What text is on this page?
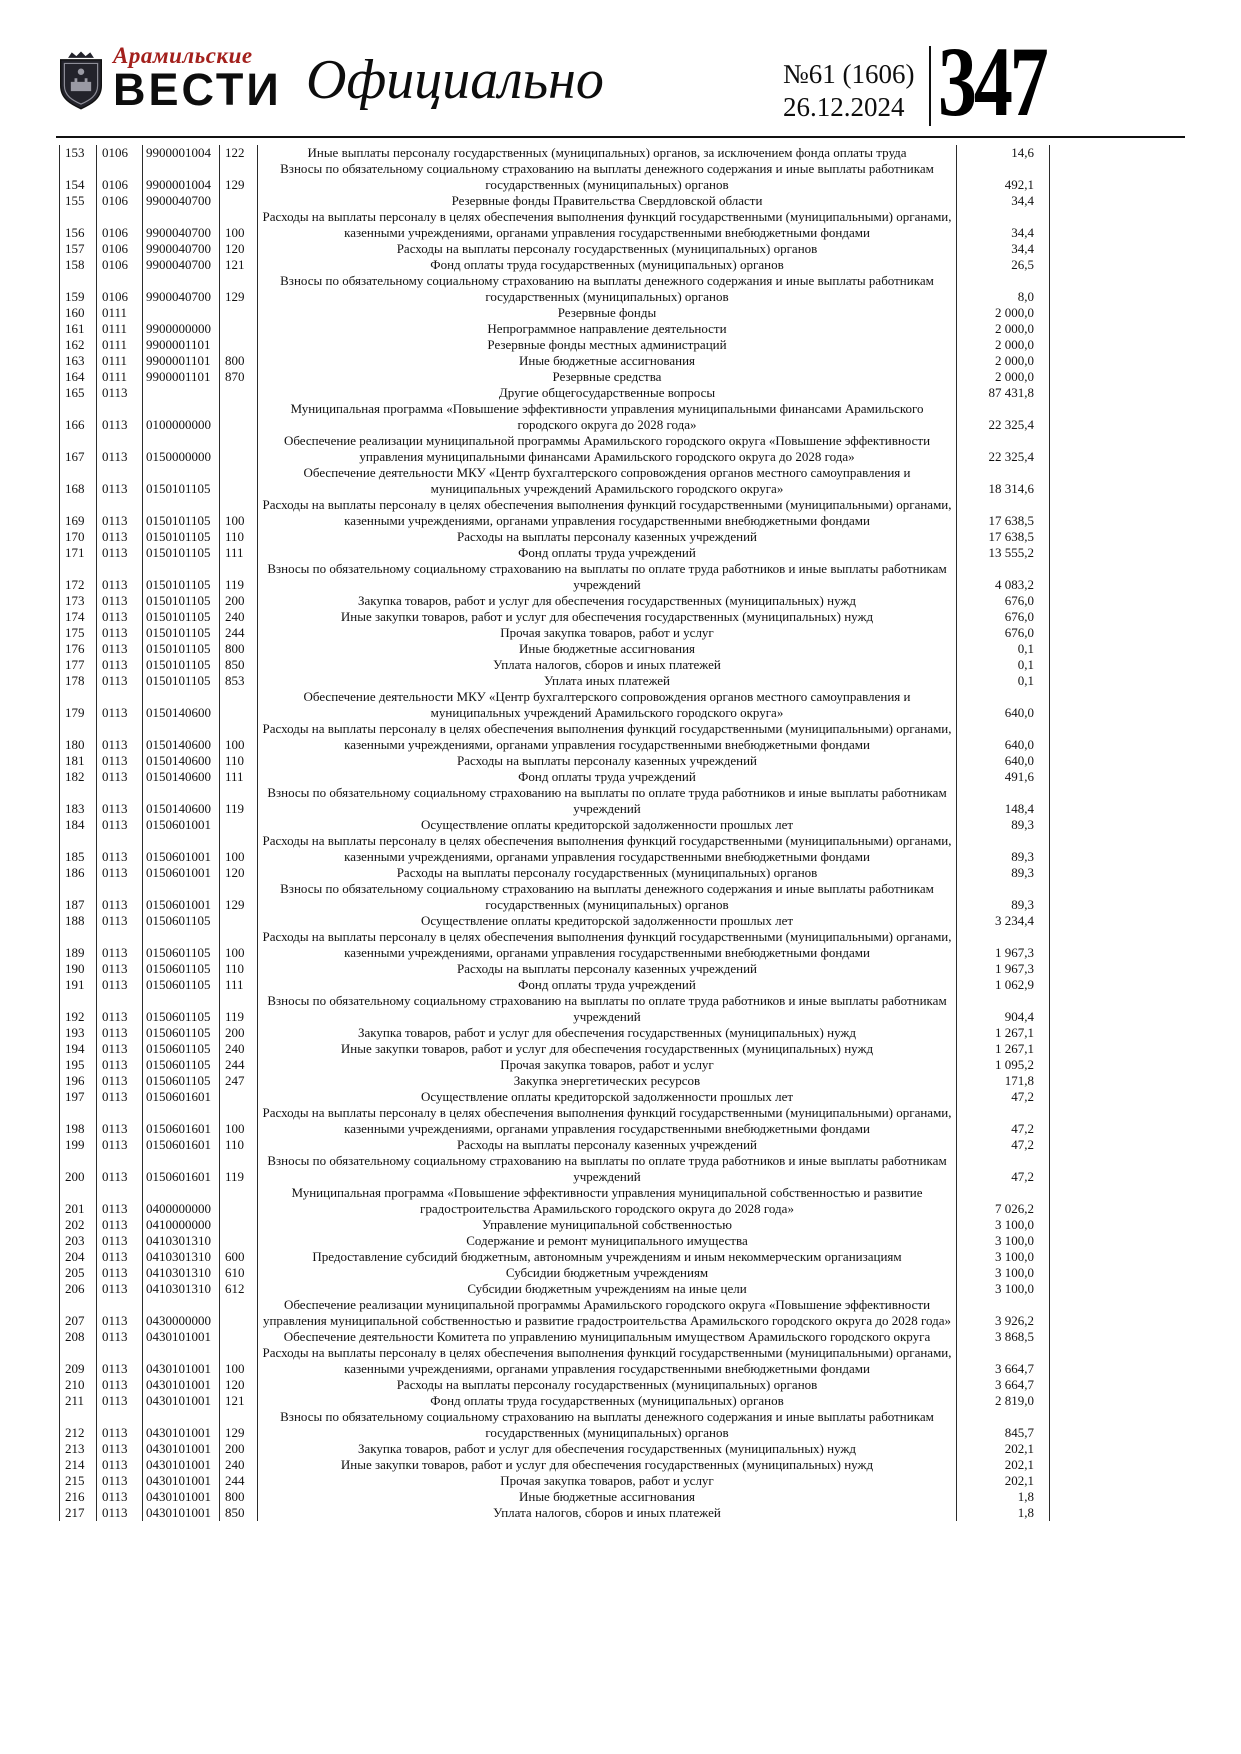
Арамильские
ВЕСТИ Официально	№61 (1606)
26.12.2024 347
153	0106	9900001004	122	Иные выплаты персоналу государственных (муниципальных) органов, за исключением фонда оплаты труда	14,6
154	0106	9900001004	129	Взносы по обязательному социальному страхованию на выплаты денежного содержания и иные выплаты работникам государственных (муниципальных) органов	492,1
155	0106	9900040700		Резервные фонды Правительства Свердловской области	34,4
156	0106	9900040700	100	Расходы на выплаты персоналу в целях обеспечения выполнения функций государственными (муниципальными) органами, казенными учреждениями, органами управления государственными внебюджетными фондами	34,4
157	0106	9900040700	120	Расходы на выплаты персоналу государственных (муниципальных) органов	34,4
158	0106	9900040700	121	Фонд оплаты труда государственных (муниципальных) органов	26,5
159	0106	9900040700	129	Взносы по обязательному социальному страхованию на выплаты денежного содержания и иные выплаты работникам государственных (муниципальных) органов	8,0
160	0111			Резервные фонды	2 000,0
161	0111	9900000000		Непрограммное направление деятельности	2 000,0
162	0111	9900001101		Резервные фонды местных администраций	2 000,0
163	0111	9900001101	800	Иные бюджетные ассигнования	2 000,0
164	0111	9900001101	870	Резервные средства	2 000,0
165	0113			Другие общегосударственные вопросы	87 431,8
166	0113	0100000000		Муниципальная программа «Повышение эффективности управления муниципальными финансами Арамильского городского округа до 2028 года»	22 325,4
167	0113	0150000000		Обеспечение реализации муниципальной программы Арамильского городского округа «Повышение эффективности управления муниципальными финансами Арамильского городского округа до 2028 года»	22 325,4
168	0113	0150101105		Обеспечение деятельности МКУ «Центр бухгалтерского сопровождения органов местного самоуправления и муниципальных учреждений Арамильского городского округа»	18 314,6
169	0113	0150101105	100	Расходы на выплаты персоналу в целях обеспечения выполнения функций государственными (муниципальными) органами, казенными учреждениями, органами управления государственными внебюджетными фондами	17 638,5
170	0113	0150101105	110	Расходы на выплаты персоналу казенных учреждений	17 638,5
171	0113	0150101105	111	Фонд оплаты труда учреждений	13 555,2
172	0113	0150101105	119	Взносы по обязательному социальному страхованию на выплаты по оплате труда работников и иные выплаты работникам учреждений	4 083,2
173	0113	0150101105	200	Закупка товаров, работ и услуг для обеспечения государственных (муниципальных) нужд	676,0
174	0113	0150101105	240	Иные закупки товаров, работ и услуг для обеспечения государственных (муниципальных) нужд	676,0
175	0113	0150101105	244	Прочая закупка товаров, работ и услуг	676,0
176	0113	0150101105	800	Иные бюджетные ассигнования	0,1
177	0113	0150101105	850	Уплата налогов, сборов и иных платежей	0,1
178	0113	0150101105	853	Уплата иных платежей	0,1
179	0113	0150140600		Обеспечение деятельности МКУ «Центр бухгалтерского сопровождения органов местного самоуправления и муниципальных учреждений Арамильского городского округа»	640,0
180	0113	0150140600	100	Расходы на выплаты персоналу в целях обеспечения выполнения функций государственными (муниципальными) органами, казенными учреждениями, органами управления государственными внебюджетными фондами	640,0
181	0113	0150140600	110	Расходы на выплаты персоналу казенных учреждений	640,0
182	0113	0150140600	111	Фонд оплаты труда учреждений	491,6
183	0113	0150140600	119	Взносы по обязательному социальному страхованию на выплаты по оплате труда работников и иные выплаты работникам учреждений	148,4
184	0113	0150601001		Осуществление оплаты кредиторской задолженности прошлых лет	89,3
185	0113	0150601001	100	Расходы на выплаты персоналу в целях обеспечения выполнения функций государственными (муниципальными) органами, казенными учреждениями, органами управления государственными внебюджетными фондами	89,3
186	0113	0150601001	120	Расходы на выплаты персоналу государственных (муниципальных) органов	89,3
187	0113	0150601001	129	Взносы по обязательному социальному страхованию на выплаты денежного содержания и иные выплаты работникам государственных (муниципальных) органов	89,3
188	0113	0150601105		Осуществление оплаты кредиторской задолженности прошлых лет	3 234,4
189	0113	0150601105	100	Расходы на выплаты персоналу в целях обеспечения выполнения функций государственными (муниципальными) органами, казенными учреждениями, органами управления государственными внебюджетными фондами	1 967,3
190	0113	0150601105	110	Расходы на выплаты персоналу казенных учреждений	1 967,3
191	0113	0150601105	111	Фонд оплаты труда учреждений	1 062,9
192	0113	0150601105	119	Взносы по обязательному социальному страхованию на выплаты по оплате труда работников и иные выплаты работникам учреждений	904,4
193	0113	0150601105	200	Закупка товаров, работ и услуг для обеспечения государственных (муниципальных) нужд	1 267,1
194	0113	0150601105	240	Иные закупки товаров, работ и услуг для обеспечения государственных (муниципальных) нужд	1 267,1
195	0113	0150601105	244	Прочая закупка товаров, работ и услуг	1 095,2
196	0113	0150601105	247	Закупка энергетических ресурсов	171,8
197	0113	0150601601		Осуществление оплаты кредиторской задолженности прошлых лет	47,2
198	0113	0150601601	100	Расходы на выплаты персоналу в целях обеспечения выполнения функций государственными (муниципальными) органами, казенными учреждениями, органами управления государственными внебюджетными фондами	47,2
199	0113	0150601601	110	Расходы на выплаты персоналу казенных учреждений	47,2
200	0113	0150601601	119	Взносы по обязательному социальному страхованию на выплаты по оплате труда работников и иные выплаты работникам учреждений	47,2
201	0113	0400000000		Муниципальная программа «Повышение эффективности управления муниципальной собственностью и развитие градостроительства Арамильского городского округа до 2028 года»	7 026,2
202	0113	0410000000		Управление муниципальной собственностью	3 100,0
203	0113	0410301310		Содержание и ремонт муниципального имущества	3 100,0
204	0113	0410301310	600	Предоставление субсидий бюджетным, автономным учреждениям и иным некоммерческим организациям	3 100,0
205	0113	0410301310	610	Субсидии бюджетным учреждениям	3 100,0
206	0113	0410301310	612	Субсидии бюджетным учреждениям на иные цели	3 100,0
207	0113	0430000000		Обеспечение реализации муниципальной программы Арамильского городского округа «Повышение эффективности управления муниципальной собственностью и развитие градостроительства Арамильского городского округа до 2028 года»	3 926,2
208	0113	0430101001		Обеспечение деятельности Комитета по управлению муниципальным имуществом Арамильского городского округа	3 868,5
209	0113	0430101001	100	Расходы на выплаты персоналу в целях обеспечения выполнения функций государственными (муниципальными) органами, казенными учреждениями, органами управления государственными внебюджетными фондами	3 664,7
210	0113	0430101001	120	Расходы на выплаты персоналу государственных (муниципальных) органов	3 664,7
211	0113	0430101001	121	Фонд оплаты труда государственных (муниципальных) органов	2 819,0
212	0113	0430101001	129	Взносы по обязательному социальному страхованию на выплаты денежного содержания и иные выплаты работникам государственных (муниципальных) органов	845,7
213	0113	0430101001	200	Закупка товаров, работ и услуг для обеспечения государственных (муниципальных) нужд	202,1
214	0113	0430101001	240	Иные закупки товаров, работ и услуг для обеспечения государственных (муниципальных) нужд	202,1
215	0113	0430101001	244	Прочая закупка товаров, работ и услуг	202,1
216	0113	0430101001	800	Иные бюджетные ассигнования	1,8
217	0113	0430101001	850	Уплата налогов, сборов и иных платежей	1,8
